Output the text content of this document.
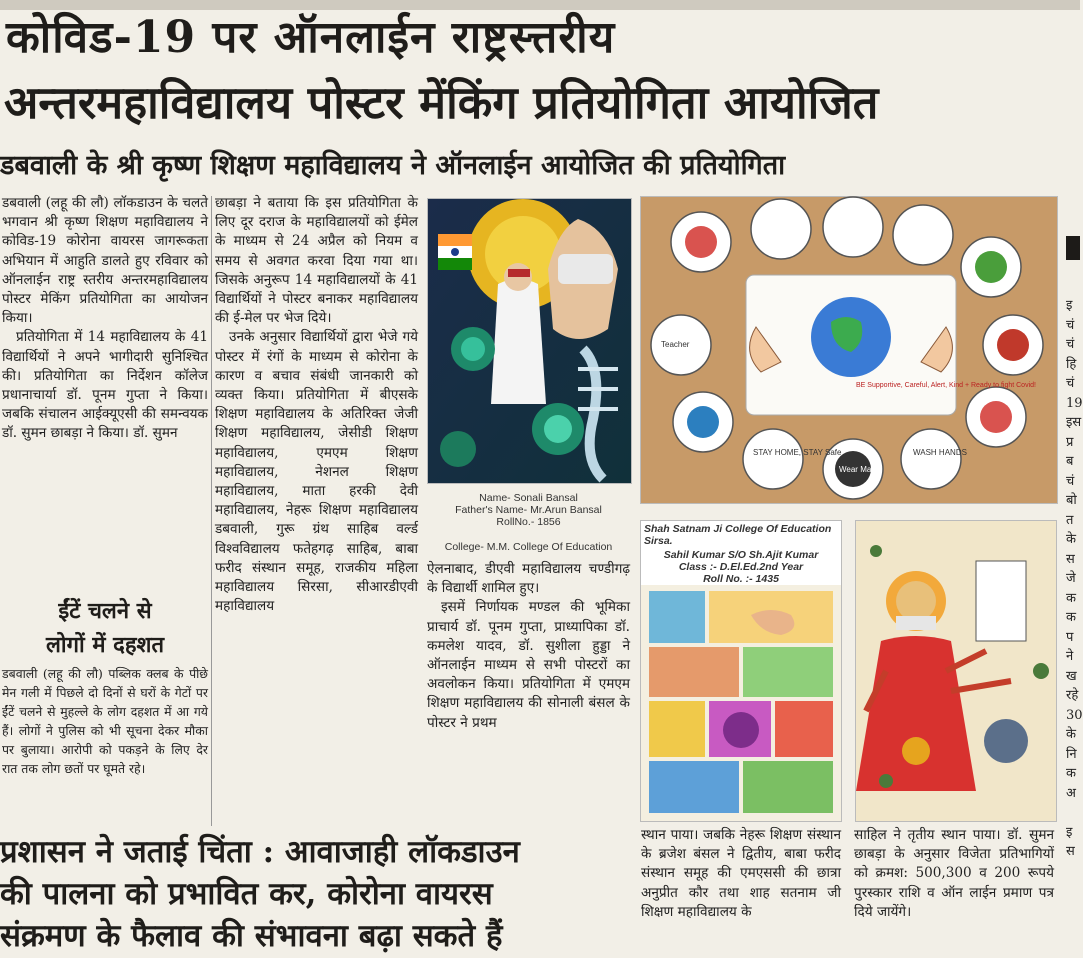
कोविड-19 पर ऑनलाईन राष्ट्रस्त्तरीय
अन्तरमहाविद्यालय पोस्टर मेंकिंग प्रतियोगिता आयोजित
डबवाली के श्री कृष्ण शिक्षण महाविद्यालय ने ऑनलाईन आयोजित की प्रतियोगिता

डबवाली (लहू की लौ) लॉकडाउन के चलते भगवान श्री कृष्ण शिक्षण महाविद्यालय ने कोविड-19 कोरोना वायरस जागरूकता अभियान में आहुति डालते हुए रविवार को ऑनलाईन राष्ट्र स्तरीय अन्तरमहाविद्यालय पोस्टर मेकिंग प्रतियोगिता का आयोजन किया।

प्रतियोगिता में 14 महाविद्यालय के 41 विद्यार्थियों ने अपने भागीदारी सुनिश्चित की। प्रतियोगिता का निर्देशन कॉलेज प्रधानाचार्या डॉ. पूनम गुप्ता ने किया। जबकि संचालन आईक्यूएसी की समन्वयक डॉ. सुमन छाबड़ा ने किया। डॉ. सुमन

ईंटें चलने से
लोगों में दहशत
डबवाली (लहू की लौ) पब्लिक क्लब के पीछे मेन गली में पिछले दो दिनों से घरों के गेटों पर ईंटें चलने से मुहल्ले के लोग दहशत में आ गये हैं। लोगों ने पुलिस को भी सूचना देकर मौका पर बुलाया। आरोपी को पकड़ने के लिए देर रात तक लोग छतों पर घूमते रहे।

छाबड़ा ने बताया कि इस प्रतियोगिता के लिए दूर दराज के महाविद्यालयों को ईमेल के माध्यम से 24 अप्रैल को नियम व समय से अवगत करवा दिया गया था। जिसके अनुरूप 14 महाविद्यालयों के 41 विद्यार्थियों ने पोस्टर बनाकर महाविद्यालय की ई-मेल पर भेज दिये।

उनके अनुसार विद्यार्थियों द्वारा भेजे गये पोस्टर में रंगों के माध्यम से कोरोना के कारण व बचाव संबंधी जानकारी को व्यक्त किया। प्रतियोगिता में बीएसके शिक्षण महाविद्यालय के अतिरिक्त जेजी शिक्षण महाविद्यालय, जेसीडी शिक्षण महाविद्यालय, एमएम शिक्षण महाविद्यालय, नेशनल शिक्षण महाविद्यालय, माता हरकी देवी महाविद्यालय, नेहरू शिक्षण महाविद्यालय डबवाली, गुरू ग्रंथ साहिब वर्ल्ड विश्वविद्यालय फतेहगढ़ साहिब, बाबा फरीद संस्थान समूह, राजकीय महिला महाविद्यालय सिरसा, सीआरडीएवी महाविद्यालय

Name- Sonali Bansal
Father's Name- Mr.Arun Bansal
RollNo.- 1856
College- M.M. College Of Education

ऐलनाबाद, डीएवी महाविद्यालय चण्डीगढ़ के विद्यार्थी शामिल हुए।

इसमें निर्णायक मण्डल की भूमिका प्राचार्य डॉ. पूनम गुप्ता, प्राध्यापिका डॉ. कमलेश यादव, डॉ. सुशीला हुड्डा ने ऑनलाईन माध्यम से सभी पोस्टरों का अवलोकन किया। प्रतियोगिता में एमएम शिक्षण महाविद्यालय की सोनाली बंसल के पोस्टर ने प्रथम

Teacher
BE Supportive, Careful, Alert, Kind + Ready to fight Covid!
STAY HOME, STAY Safe
Wear Mask
WASH HANDS
Shah Satnam Ji College Of Education Sirsa.
Sahil Kumar S/O Sh.Ajit Kumar
Class :- D.El.Ed.2nd Year
Roll No. :- 1435
स्थान पाया। जबकि नेहरू शिक्षण संस्थान के ब्रजेश बंसल ने द्वितीय, बाबा फरीद संस्थान समूह की एमएससी की छात्रा अनुप्रीत कौर तथा शाह सतनाम जी शिक्षण महाविद्यालय के
साहिल ने तृतीय स्थान पाया। डॉ. सुमन छाबड़ा के अनुसार विजेता प्रतिभागियों को क्रमश: 500,300 व 200 रूपये पुरस्कार राशि व ऑन लाईन प्रमाण पत्र दिये जायेंगे।
प्रशासन ने जताई चिंता : आवाजाही लॉकडाउन
की पालना को प्रभावित कर, कोरोना वायरस
संक्रमण के फैलाव की संभावना बढ़ा सकते हैं
इ
चं
चं
हि
चं
19
इस
प्र
ब
चं
बो
त
के
स
जे
क
क
प
ने
ख
रहे
30
के
नि
क
अ
इ
स
